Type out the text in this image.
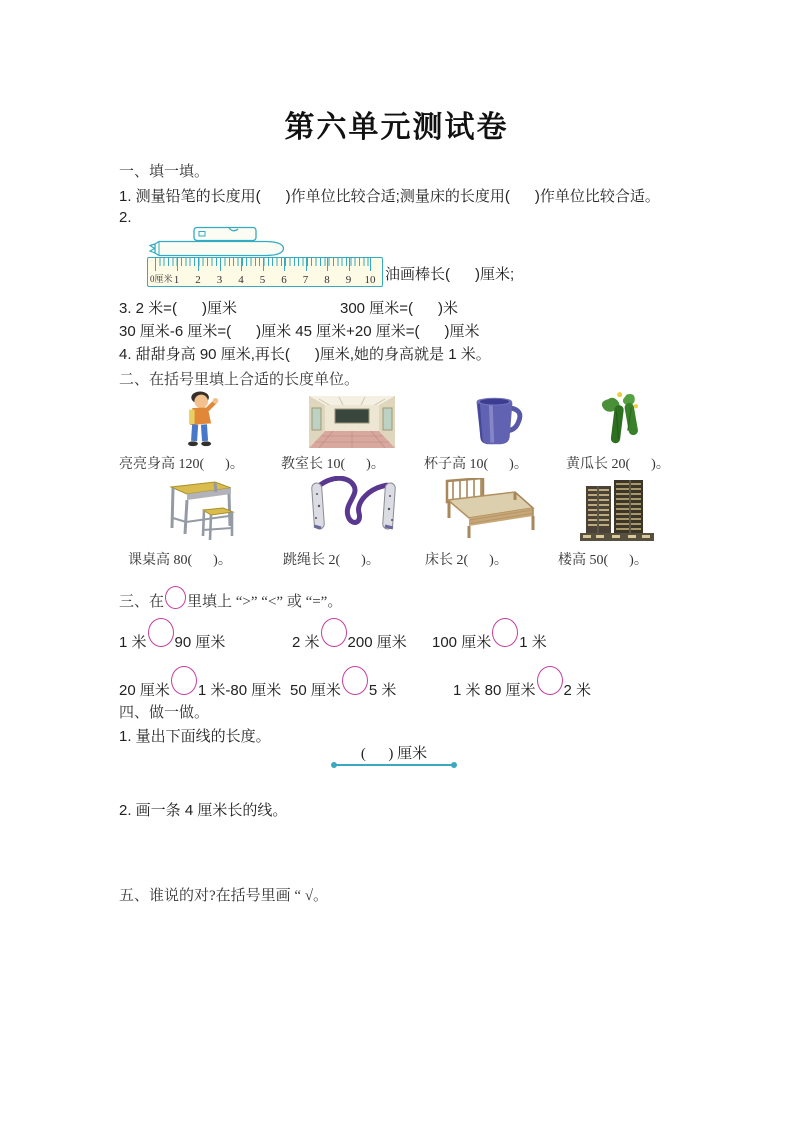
第六单元测试卷
一、填一填。
1. 测量铅笔的长度用(      )作单位比较合适;测量床的长度用(      )作单位比较合适。
2.

0厘米

1

2

3

4

5

6

7

8

9

10

油画棒长(      )厘米;
3. 2 米=(      )厘米	300 厘米=(      )米
30 厘米-6 厘米=(      )厘米 45 厘米+20 厘米=(      )厘米
4. 甜甜身高 90 厘米,再长(      )厘米,她的身高就是 1 米。
二、在括号里填上合适的长度单位。
亮亮身高 120(      )。	教室长 10(      )。	杯子高 10(      )。	黄瓜长 20(      )。
课桌高 80(      )。	跳绳长 2(      )。	床长 2(      )。	楼高 50(      )。
三、在 里填上 “>” “<” 或 “=”。
1 米 90 厘米	2 米 200 厘米 100 厘米 1 米
20 厘米 1 米-80 厘米 50 厘米 5 米	1 米 80 厘米 2 米
四、做一做。
1. 量出下面线的长度。
(      ) 厘米
2. 画一条 4 厘米长的线。
五、谁说的对?在括号里画 “ √。
